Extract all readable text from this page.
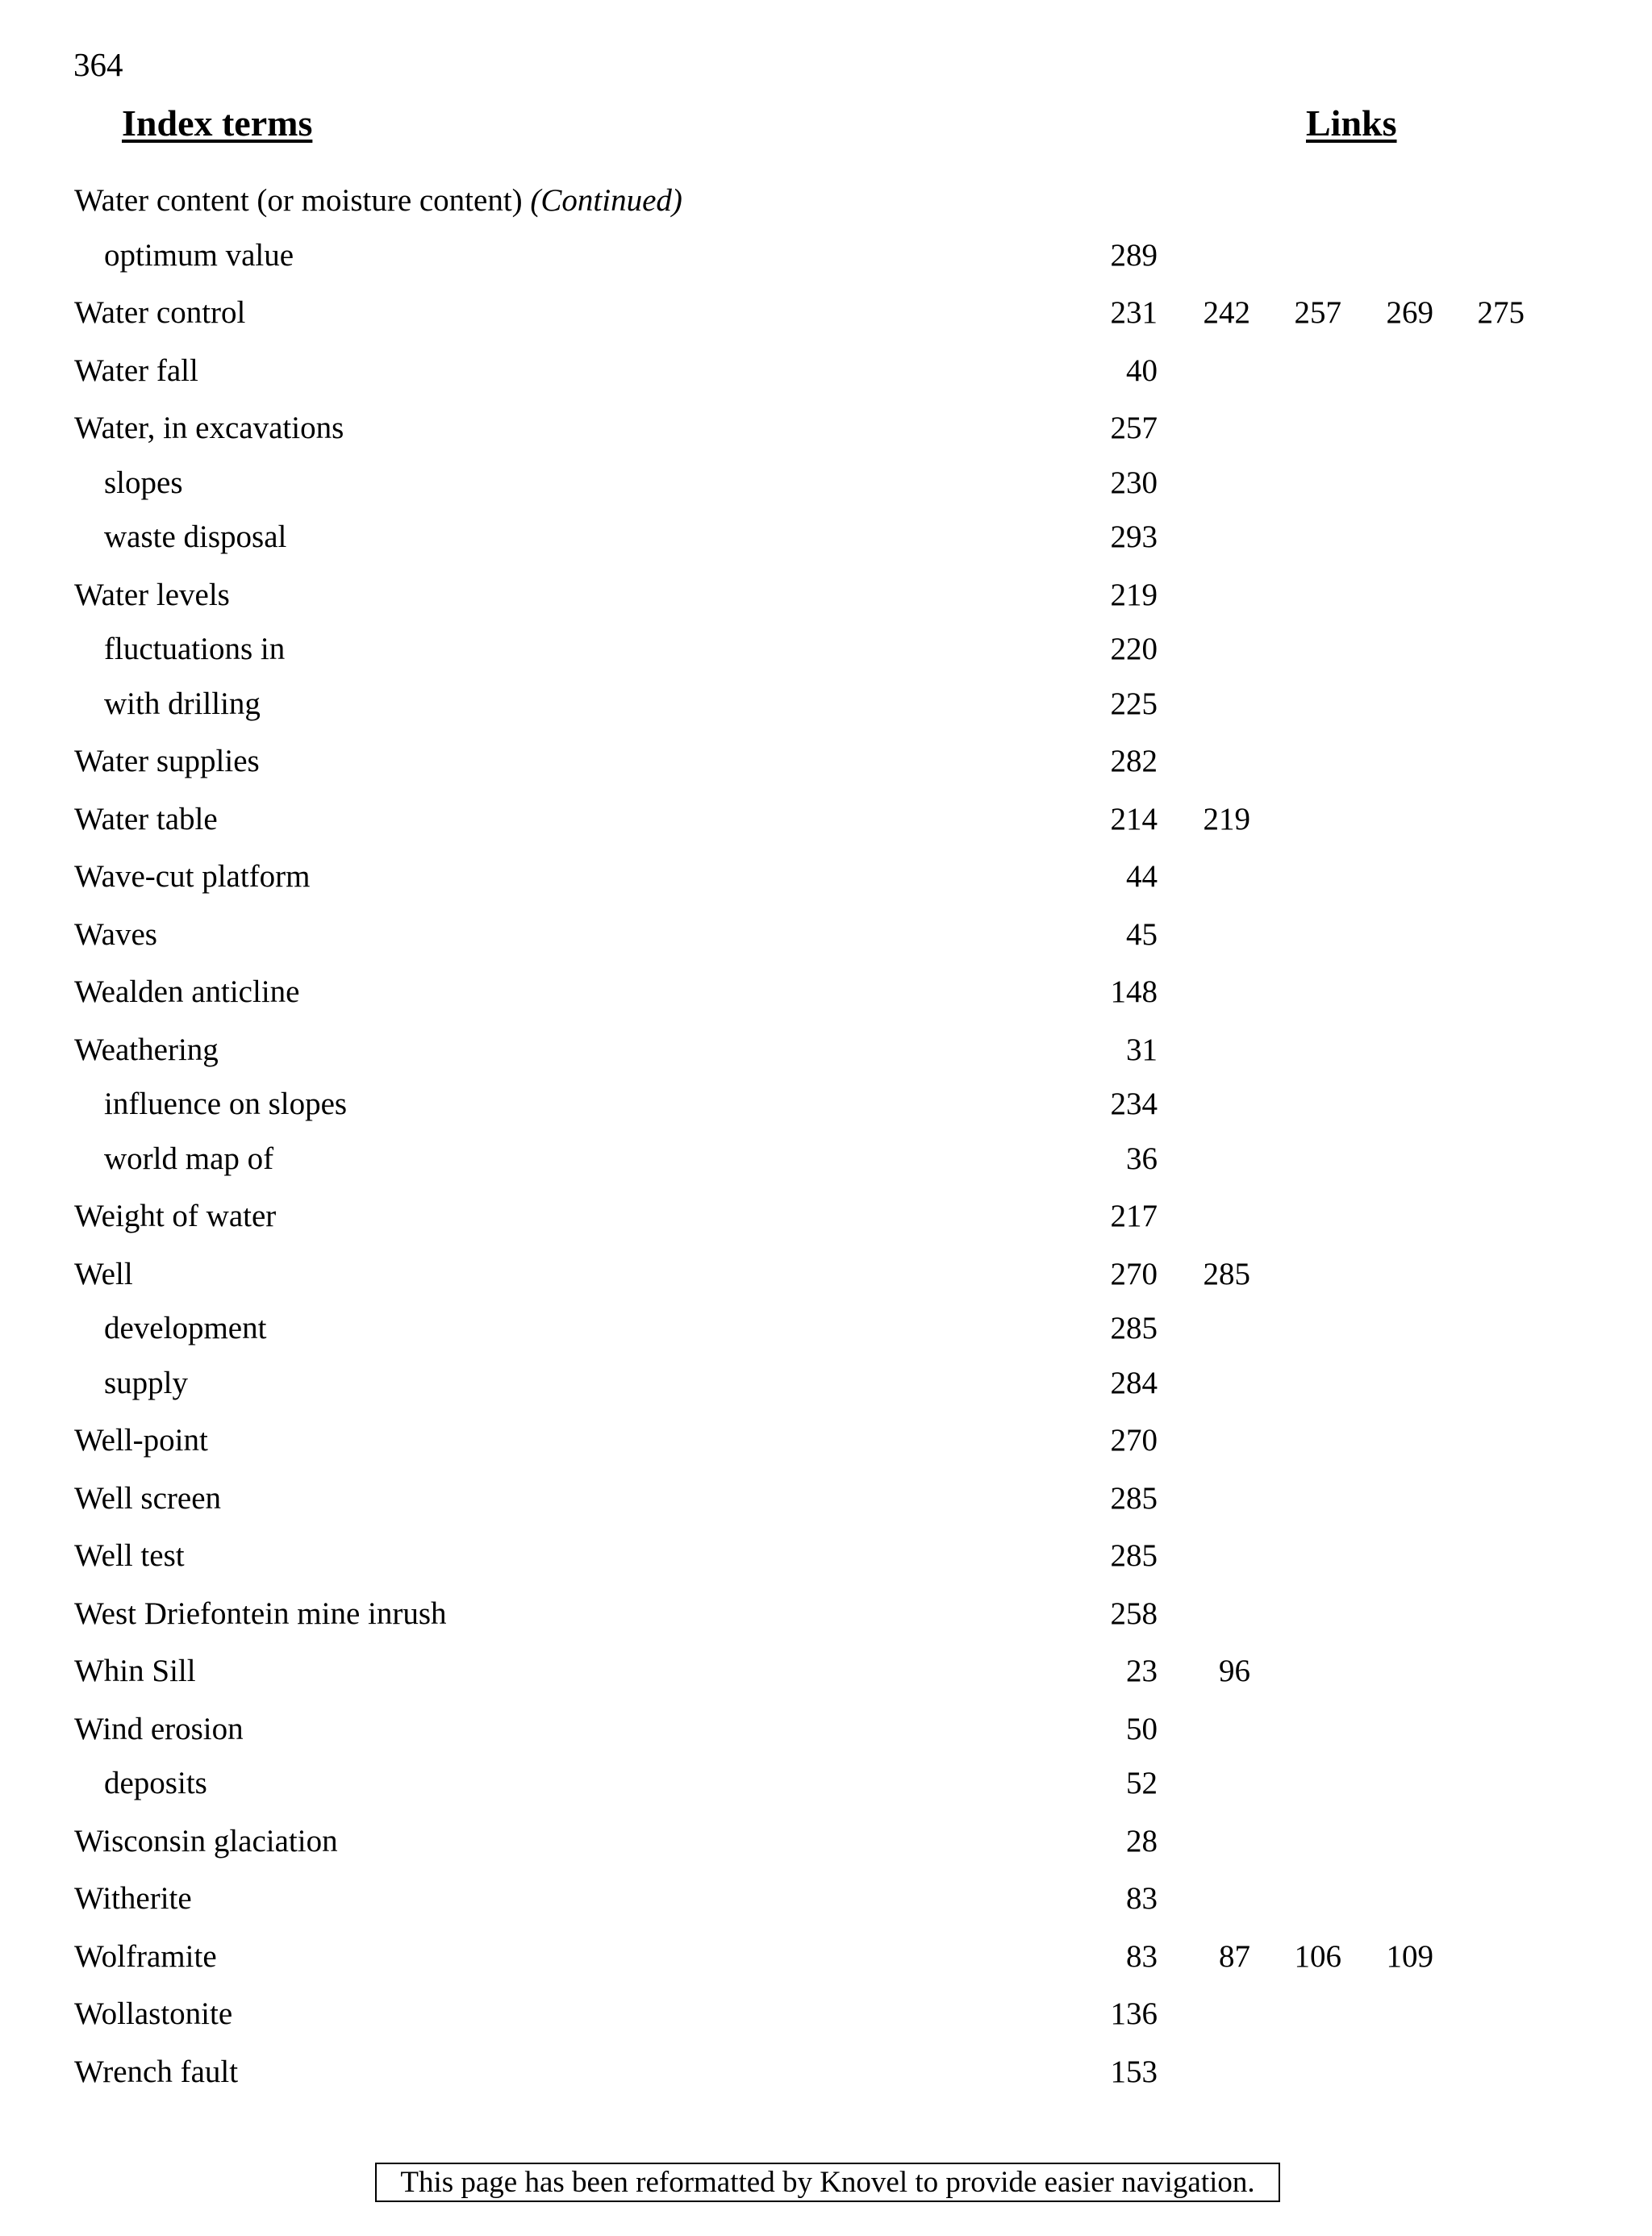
364
Index terms	Links
Water content (or moisture content) (Continued)
optimum value	289
Water control	231	242	257	269	275
Water fall	40
Water, in excavations	257
slopes	230
waste disposal	293
Water levels	219
fluctuations in	220
with drilling	225
Water supplies	282
Water table	214	219
Wave-cut platform	44
Waves	45
Wealden anticline	148
Weathering	31
influence on slopes	234
world map of	36
Weight of water	217
Well	270	285
development	285
supply	284
Well-point	270
Well screen	285
Well test	285
West Driefontein mine inrush	258
Whin Sill	23	96
Wind erosion	50
deposits	52
Wisconsin glaciation	28
Witherite	83
Wolframite	83	87	106	109
Wollastonite	136
Wrench fault	153
This page has been reformatted by Knovel to provide easier navigation.
